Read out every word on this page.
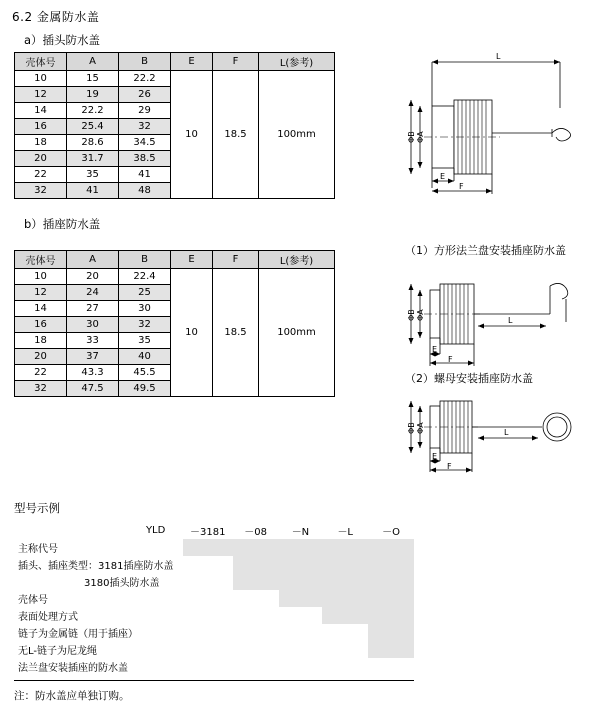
6.2 金属防水盖
a）插头防水盖
b）插座防水盖
壳体号	A	B	E	F	L(参考)
10	15	22.2	10	18.5	100mm
12	19	26			
14	22.2	29			
16	25.4	32			
18	28.6	34.5			
20	31.7	38.5			
22	35	41			
32	41	48			
壳体号	A	B	E	F	L(参考)
10	20	22.4	10	18.5	100mm
12	24	25			
14	27	30			
16	30	32			
18	33	35			
20	37	40			
22	43.3	45.5			
32	47.5	49.5			
L
ΦB ΦA
E
F
（1）方形法兰盘安装插座防水盖
ΦB ΦA	L
E
F
（2）螺母安装插座防水盖
ΦB ΦA	L
E
F
型号示例
	YLD	－3181	－08	－N	－L	－O
主称代号						
插头、插座类型：3181插座防水盖						
3180插头防水盖						
壳体号						
表面处理方式						
链子为金属链（用于插座）						
无L-链子为尼龙绳						
法兰盘安装插座的防水盖						
注：防水盖应单独订购。
